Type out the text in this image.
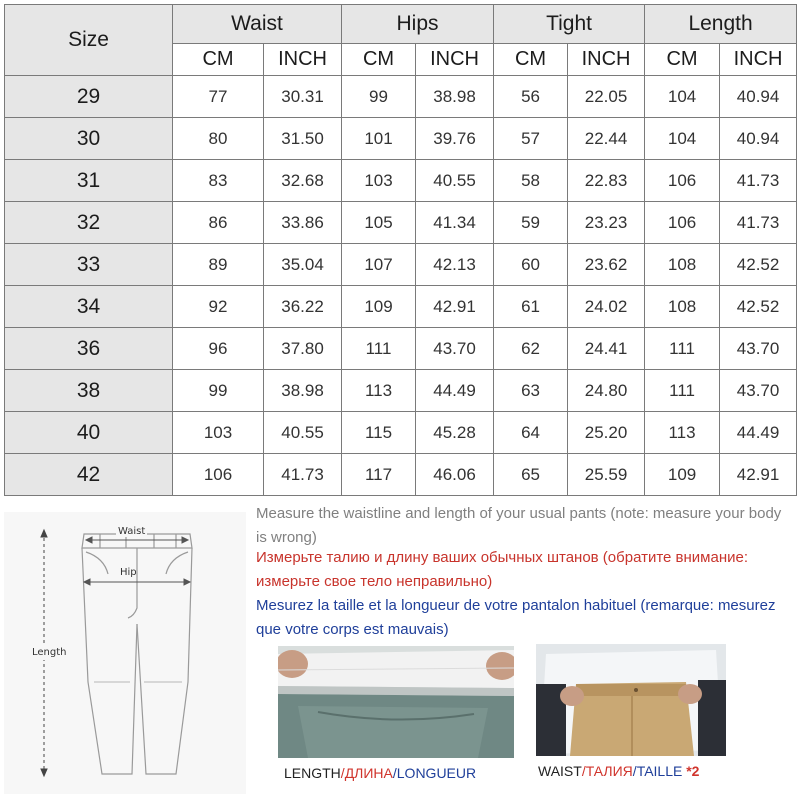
Size	Waist		Hips		Tight		Length	
	CM	INCH	CM	INCH	CM	INCH	CM	INCH
29	77	30.31	99	38.98	56	22.05	104	40.94
30	80	31.50	101	39.76	57	22.44	104	40.94
31	83	32.68	103	40.55	58	22.83	106	41.73
32	86	33.86	105	41.34	59	23.23	106	41.73
33	89	35.04	107	42.13	60	23.62	108	42.52
34	92	36.22	109	42.91	61	24.02	108	42.52
36	96	37.80	111	43.70	62	24.41	111	43.70
38	99	38.98	113	44.49	63	24.80	111	43.70
40	103	40.55	115	45.28	64	25.20	113	44.49
42	106	41.73	117	46.06	65	25.59	109	42.91
Waist
Hip
Length
Measure the waistline and length of your usual pants (note: measure your body is wrong)
Измерьте талию и длину ваших обычных штанов (обратите внимание: измерьте свое тело неправильно)
Mesurez la taille et la longueur de votre pantalon habituel (remarque: mesurez que votre corps est mauvais)
LENGTH/ДЛИНА/LONGUEUR	WAIST/ТАЛИЯ/TAILLE *2
